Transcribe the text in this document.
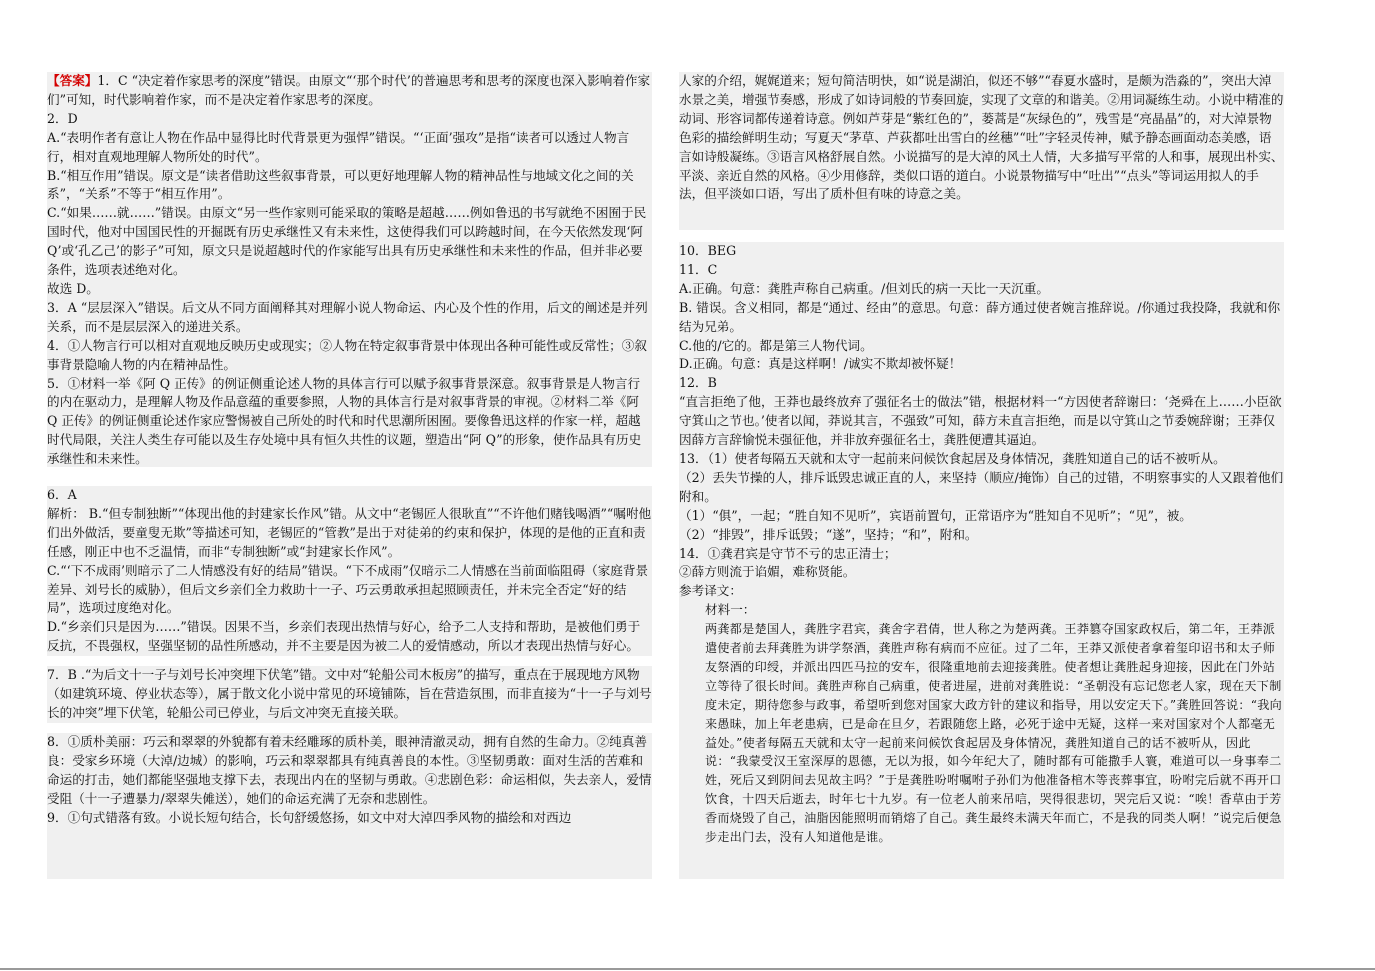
【答案】1．C “决定着作家思考的深度”错误。由原文“‘那个时代’的普遍思考和思考的深度也深入影响着作家们”可知，时代影响着作家，而不是决定着作家思考的深度。

2．D

A.“表明作者有意让人物在作品中显得比时代背景更为强悍”错误。“‘正面’强攻”是指“读者可以透过人物言行，相对直观地理解人物所处的时代”。

B.“相互作用”错误。原文是“读者借助这些叙事背景，可以更好地理解人物的精神品性与地域文化之间的关系”，“关系”不等于“相互作用”。

C.“如果……就……”错误。由原文“另一些作家则可能采取的策略是超越……例如鲁迅的书写就绝不困囿于民国时代，他对中国国民性的开掘既有历史承继性又有未来性，这使得我们可以跨越时间，在今天依然发现‘阿 Q’或‘孔乙己’的影子”可知，原文只是说超越时代的作家能写出具有历史承继性和未来性的作品，但并非必要条件，选项表述绝对化。

故选 D。

3．A “层层深入”错误。后文从不同方面阐释其对理解小说人物命运、内心及个性的作用，后文的阐述是并列关系，而不是层层深入的递进关系。

4．①人物言行可以相对直观地反映历史或现实；②人物在特定叙事背景中体现出各种可能性或反常性；③叙事背景隐喻人物的内在精神品性。

5．①材料一举《阿 Q 正传》的例证侧重论述人物的具体言行可以赋予叙事背景深意。叙事背景是人物言行的内在驱动力，是理解人物及作品意蕴的重要参照，人物的具体言行是对叙事背景的审视。②材料二举《阿 Q 正传》的例证侧重论述作家应警惕被自己所处的时代和时代思潮所困囿。要像鲁迅这样的作家一样，超越时代局限，关注人类生存可能以及生存处境中具有恒久共性的议题，塑造出“阿 Q”的形象，使作品具有历史承继性和未来性。

6．A

解析： B.“但专制独断”“体现出他的封建家长作风”错。从文中“老锡匠人很耿直”“不许他们赌钱喝酒”“嘱咐他们出外做活，要童叟无欺”等描述可知，老锡匠的“管教”是出于对徒弟的约束和保护，体现的是他的正直和责任感，刚正中也不乏温情，而非“专制独断”或“封建家长作风”。

C.“‘下不成雨’则暗示了二人情感没有好的结局”错误。“下不成雨”仅暗示二人情感在当前面临阻碍（家庭背景差异、刘号长的威胁），但后文乡亲们全力救助十一子、巧云勇敢承担起照顾责任，并未完全否定“好的结局”，选项过度绝对化。

D.“乡亲们只是因为……”错误。因果不当，乡亲们表现出热情与好心，给予二人支持和帮助，是被他们勇于反抗，不畏强权，坚强坚韧的品性所感动，并不主要是因为被二人的爱情感动，所以才表现出热情与好心。

7．B .“为后文十一子与刘号长冲突埋下伏笔”错。文中对“轮船公司木板房”的描写，重点在于展现地方风物（如建筑环境、停业状态等），属于散文化小说中常见的环境铺陈，旨在营造氛围，而非直接为“十一子与刘号长的冲突”埋下伏笔，轮船公司已停业，与后文冲突无直接关联。

8．①质朴美丽：巧云和翠翠的外貌都有着未经雕琢的质朴美，眼神清澈灵动，拥有自然的生命力。②纯真善良：受家乡环境（大淖/边城）的影响，巧云和翠翠都具有纯真善良的本性。③坚韧勇敢：面对生活的苦难和命运的打击，她们都能坚强地支撑下去，表现出内在的坚韧与勇敢。④悲剧色彩：命运相似，失去亲人，爱情受阻（十一子遭暴力/翠翠失傩送），她们的命运充满了无奈和悲剧性。

9．①句式错落有致。小说长短句结合，长句舒缓悠扬，如文中对大淖四季风物的描绘和对西边

人家的介绍，娓娓道来；短句简洁明快，如“说是湖泊，似还不够”“春夏水盛时，是颇为浩淼的”，突出大淖水景之美，增强节奏感，形成了如诗词般的节奏回旋，实现了文章的和谐美。②用词凝练生动。小说中精准的动词、形容词都传递着诗意。例如芦芽是“紫红色的”，蒌蒿是“灰绿色的”，残雪是“亮晶晶”的，对大淖景物色彩的描绘鲜明生动；写夏天“茅草、芦荻都吐出雪白的丝穗”“吐”字轻灵传神，赋予静态画面动态美感，语言如诗般凝练。③语言风格舒展自然。小说描写的是大淖的风土人情，大多描写平常的人和事，展现出朴实、平淡、亲近自然的风格。④少用修辞，类似口语的道白。小说景物描写中“吐出”“点头”等词运用拟人的手法，但平淡如口语，写出了质朴但有味的诗意之美。

10．BEG

11．C

A.正确。句意：龚胜声称自己病重。/但刘氏的病一天比一天沉重。

B. 错误。含义相同，都是“通过、经由”的意思。句意：薛方通过使者婉言推辞说。/你通过我投降，我就和你结为兄弟。

C.他的/它的。都是第三人物代词。

D.正确。句意：真是这样啊！/诚实不欺却被怀疑！

12．B

“直言拒绝了他，王莽也最终放弃了强征名士的做法”错，根据材料一“方因使者辞谢曰：‘尧舜在上……小臣欲守箕山之节也。’使者以闻，莽说其言，不强致”可知，薛方未直言拒绝，而是以守箕山之节委婉辞谢；王莽仅因薛方言辞愉悦未强征他，并非放弃强征名士，龚胜便遭其逼迫。

13．（1）使者每隔五天就和太守一起前来问候饮食起居及身体情况，龚胜知道自己的话不被听从。

（2）丢失节操的人，排斥诋毁忠诚正直的人，来坚持（顺应/掩饰）自己的过错，不明察事实的人又跟着他们附和。

（1）“俱”，一起；“胜自知不见听”，宾语前置句，正常语序为“胜知自不见听”；“见”，被。

（2）“排毁”，排斥诋毁；“遂”，坚持；“和”，附和。

14．①龚君宾是守节不亏的忠正清士；

②薛方则流于谄媚，难称贤能。

参考译文：

材料一：

两龚都是楚国人，龚胜字君宾，龚舍字君倩，世人称之为楚两龚。王莽篡夺国家政权后，第二年，王莽派遣使者前去拜龚胜为讲学祭酒，龚胜声称有病而不应征。过了二年，王莽又派使者拿着玺印诏书和太子师友祭酒的印绶，并派出四匹马拉的安车，很隆重地前去迎接龚胜。使者想让龚胜起身迎接，因此在门外站立等待了很长时间。龚胜声称自己病重，使者进屋，进前对龚胜说：“圣朝没有忘记您老人家，现在天下制度未定，期待您参与政事，希望听到您对国家大政方针的建议和指导，用以安定天下。”龚胜回答说：“我向来愚昧，加上年老患病，已是命在旦夕，若跟随您上路，必死于途中无疑，这样一来对国家对个人都毫无益处。”使者每隔五天就和太守一起前来问候饮食起居及身体情况，龚胜知道自己的话不被听从，因此说：“我蒙受汉王室深厚的恩德，无以为报，如今年纪大了，随时都有可能撒手人寰，难道可以一身事奉二姓，死后又到阴间去见故主吗？”于是龚胜吩咐嘱咐子孙们为他准备棺木等丧葬事宜，吩咐完后就不再开口饮食，十四天后逝去，时年七十九岁。有一位老人前来吊唁，哭得很悲切，哭完后又说：“唉！香草由于芳香而烧毁了自己，油脂因能照明而销熔了自己。龚生最终未满天年而亡，不是我的同类人啊！”说完后便急步走出门去，没有人知道他是谁。
